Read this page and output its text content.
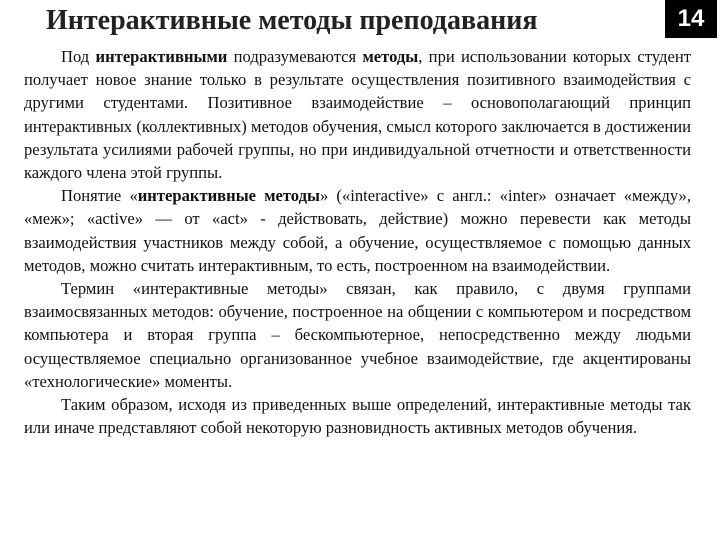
Интерактивные методы преподавания	14

Под интерактивными подразумеваются методы, при использовании которых студент получает новое знание только в результате осуществления позитивного взаимодействия с другими студентами. Позитивное взаимодействие – основополагающий принцип интерактивных (коллективных) методов обучения, смысл которого заключается в достижении результата усилиями рабочей группы, но при индивидуальной отчетности и ответственности каждого члена этой группы.

Понятие «интерактивные методы» («interactive» с англ.: «inter» означает «между», «меж»; «active» — от «act» - действовать, действие) можно перевести как методы взаимодействия участников между собой, а обучение, осуществляемое с помощью данных методов, можно считать интерактивным, то есть, построенном на взаимодействии.

Термин «интерактивные методы» связан, как правило, с двумя группами взаимосвязанных методов: обучение, построенное на общении с компьютером и посредством компьютера и вторая группа – бескомпьютерное, непосредственно между людьми осуществляемое специально организованное учебное взаимодействие, где акцентированы «технологические» моменты.

Таким образом, исходя из приведенных выше определений, интерактивные методы так или иначе представляют собой некоторую разновидность активных методов обучения.
